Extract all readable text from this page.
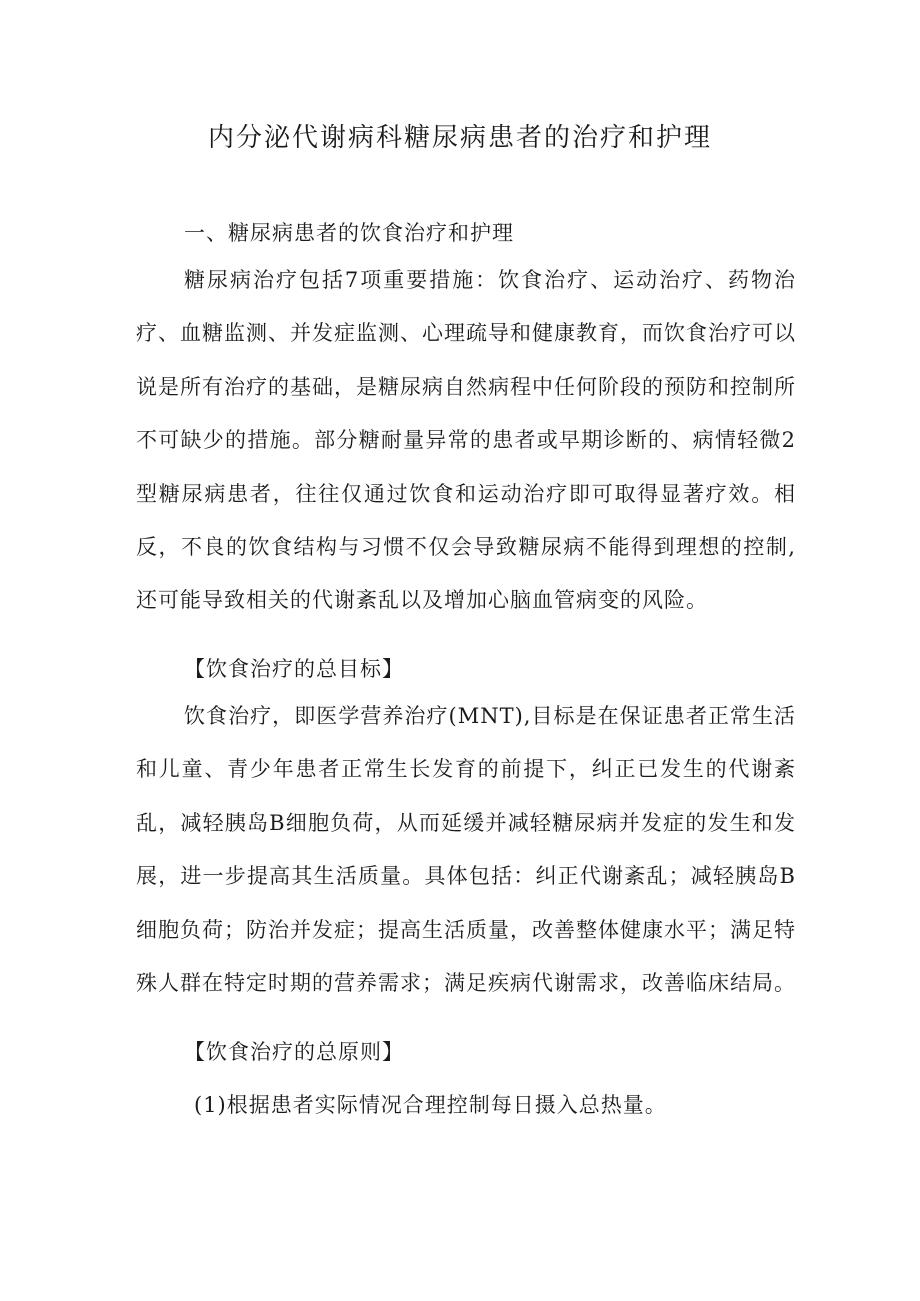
内分泌代谢病科糖尿病患者的治疗和护理

一、糖尿病患者的饮食治疗和护理

糖尿病治疗包括7项重要措施：饮食治疗、运动治疗、药物治疗、血糖监测、并发症监测、心理疏导和健康教育，而饮食治疗可以说是所有治疗的基础，是糖尿病自然病程中任何阶段的预防和控制所不可缺少的措施。部分糖耐量异常的患者或早期诊断的、病情轻微2型糖尿病患者，往往仅通过饮食和运动治疗即可取得显著疗效。相反，不良的饮食结构与习惯不仅会导致糖尿病不能得到理想的控制,还可能导致相关的代谢紊乱以及增加心脑血管病变的风险。

【饮食治疗的总目标】

饮食治疗，即医学营养治疗(MNT),目标是在保证患者正常生活和儿童、青少年患者正常生长发育的前提下，纠正已发生的代谢紊乱，减轻胰岛B细胞负荷，从而延缓并减轻糖尿病并发症的发生和发展，进一步提高其生活质量。具体包括：纠正代谢紊乱；减轻胰岛B细胞负荷；防治并发症；提高生活质量，改善整体健康水平；满足特殊人群在特定时期的营养需求；满足疾病代谢需求，改善临床结局。

【饮食治疗的总原则】

(1)根据患者实际情况合理控制每日摄入总热量。
